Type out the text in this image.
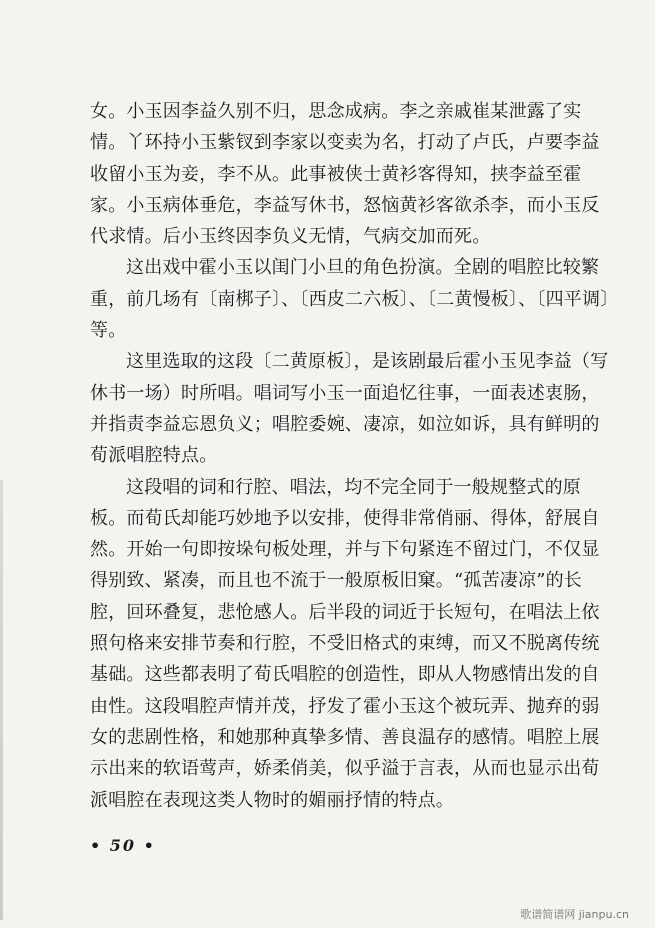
女。小玉因李益久别不归，思念成病。李之亲戚崔某泄露了实情。丫环持小玉紫钗到李家以变卖为名，打动了卢氏，卢要李益收留小玉为妾，李不从。此事被侠士黄衫客得知，挟李益至霍家。小玉病体垂危，李益写休书，怒恼黄衫客欲杀李，而小玉反代求情。后小玉终因李负义无情，气病交加而死。

这出戏中霍小玉以闺门小旦的角色扮演。全剧的唱腔比较繁重，前几场有〔南梆子〕、〔西皮二六板〕、〔二黄慢板〕、〔四平调〕等。

这里选取的这段〔二黄原板〕，是该剧最后霍小玉见李益（写休书一场）时所唱。唱词写小玉一面追忆往事，一面表述衷肠，并指责李益忘恩负义；唱腔委婉、凄凉，如泣如诉，具有鲜明的荀派唱腔特点。

这段唱的词和行腔、唱法，均不完全同于一般规整式的原板。而荀氏却能巧妙地予以安排，使得非常俏丽、得体，舒展自然。开始一句即按垛句板处理，并与下句紧连不留过门，不仅显得别致、紧凑，而且也不流于一般原板旧窠。“孤苦凄凉”的长腔，回环叠复，悲怆感人。后半段的词近于长短句，在唱法上依照句格来安排节奏和行腔，不受旧格式的束缚，而又不脱离传统基础。这些都表明了荀氏唱腔的创造性，即从人物感情出发的自由性。这段唱腔声情并茂，抒发了霍小玉这个被玩弄、抛弃的弱女的悲剧性格，和她那种真挚多情、善良温存的感情。唱腔上展示出来的软语莺声，娇柔俏美，似乎溢于言表，从而也显示出荀派唱腔在表现这类人物时的媚丽抒情的特点。

• 50 •
歌谱简谱网 jianpu.cn
